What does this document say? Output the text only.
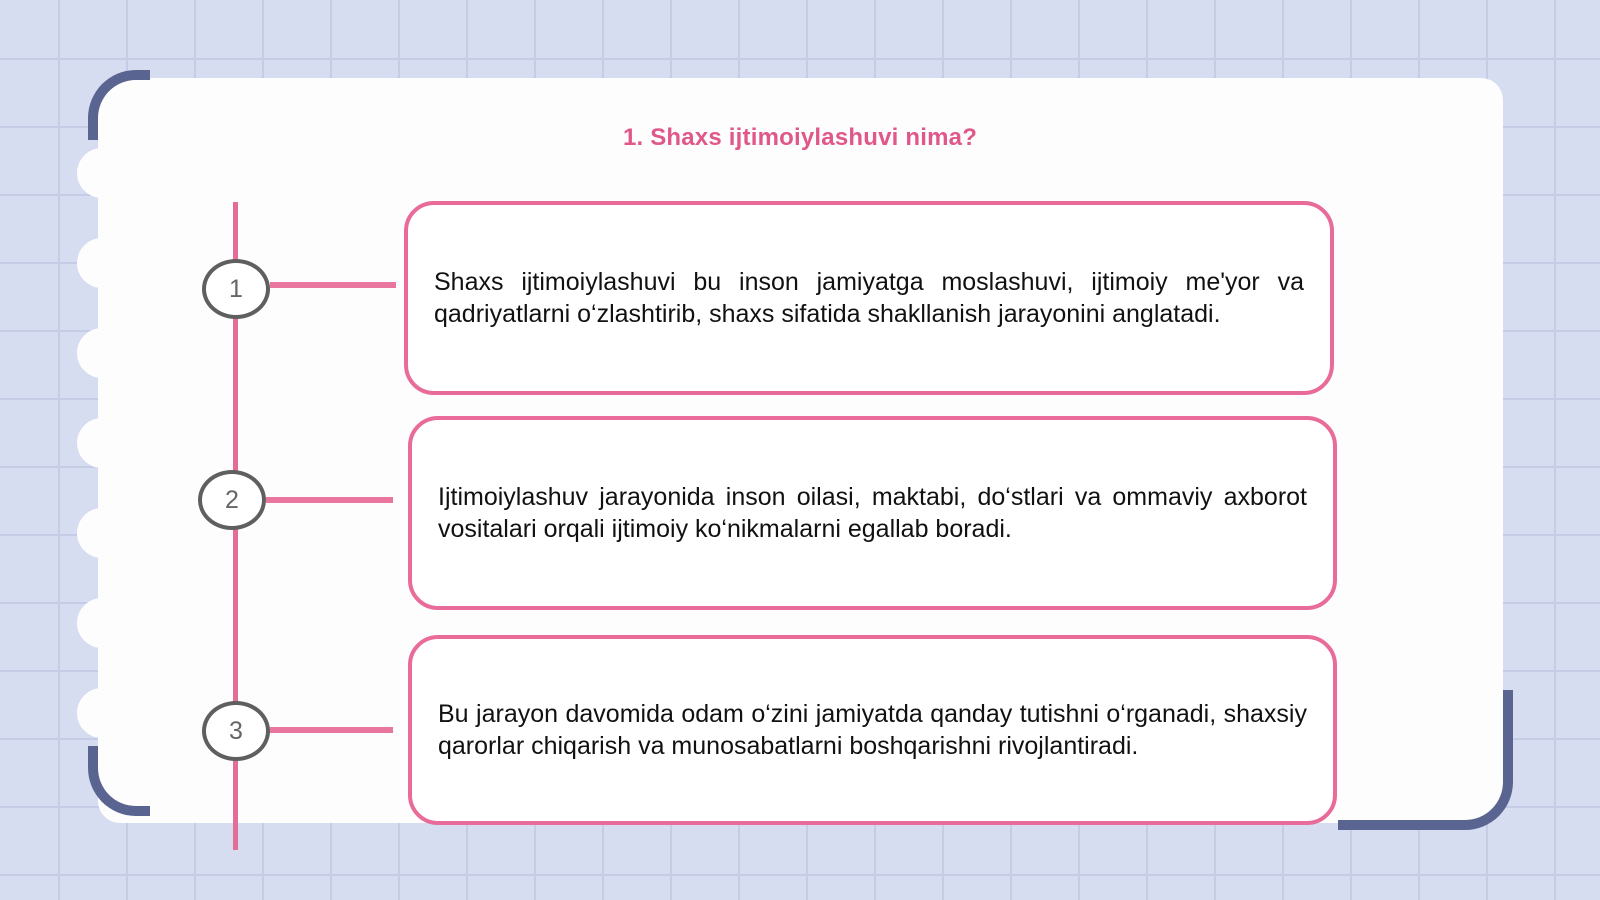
1. Shaxs ijtimoiylashuvi nima?
1	Shaxs ijtimoiylashuvi bu inson jamiyatga moslashuvi, ijtimoiy me'yor va qadriyatlarni o‘zlashtirib, shaxs sifatida shakllanish jarayonini anglatadi.

2	Ijtimoiylashuv jarayonida inson oilasi, maktabi, do‘stlari va ommaviy axborot vositalari orqali ijtimoiy ko‘nikmalarni egallab boradi.

3

Bu jarayon davomida odam o‘zini jamiyatda qanday tutishni o‘rganadi, shaxsiy qarorlar chiqarish va munosabatlarni boshqarishni rivojlantiradi.
